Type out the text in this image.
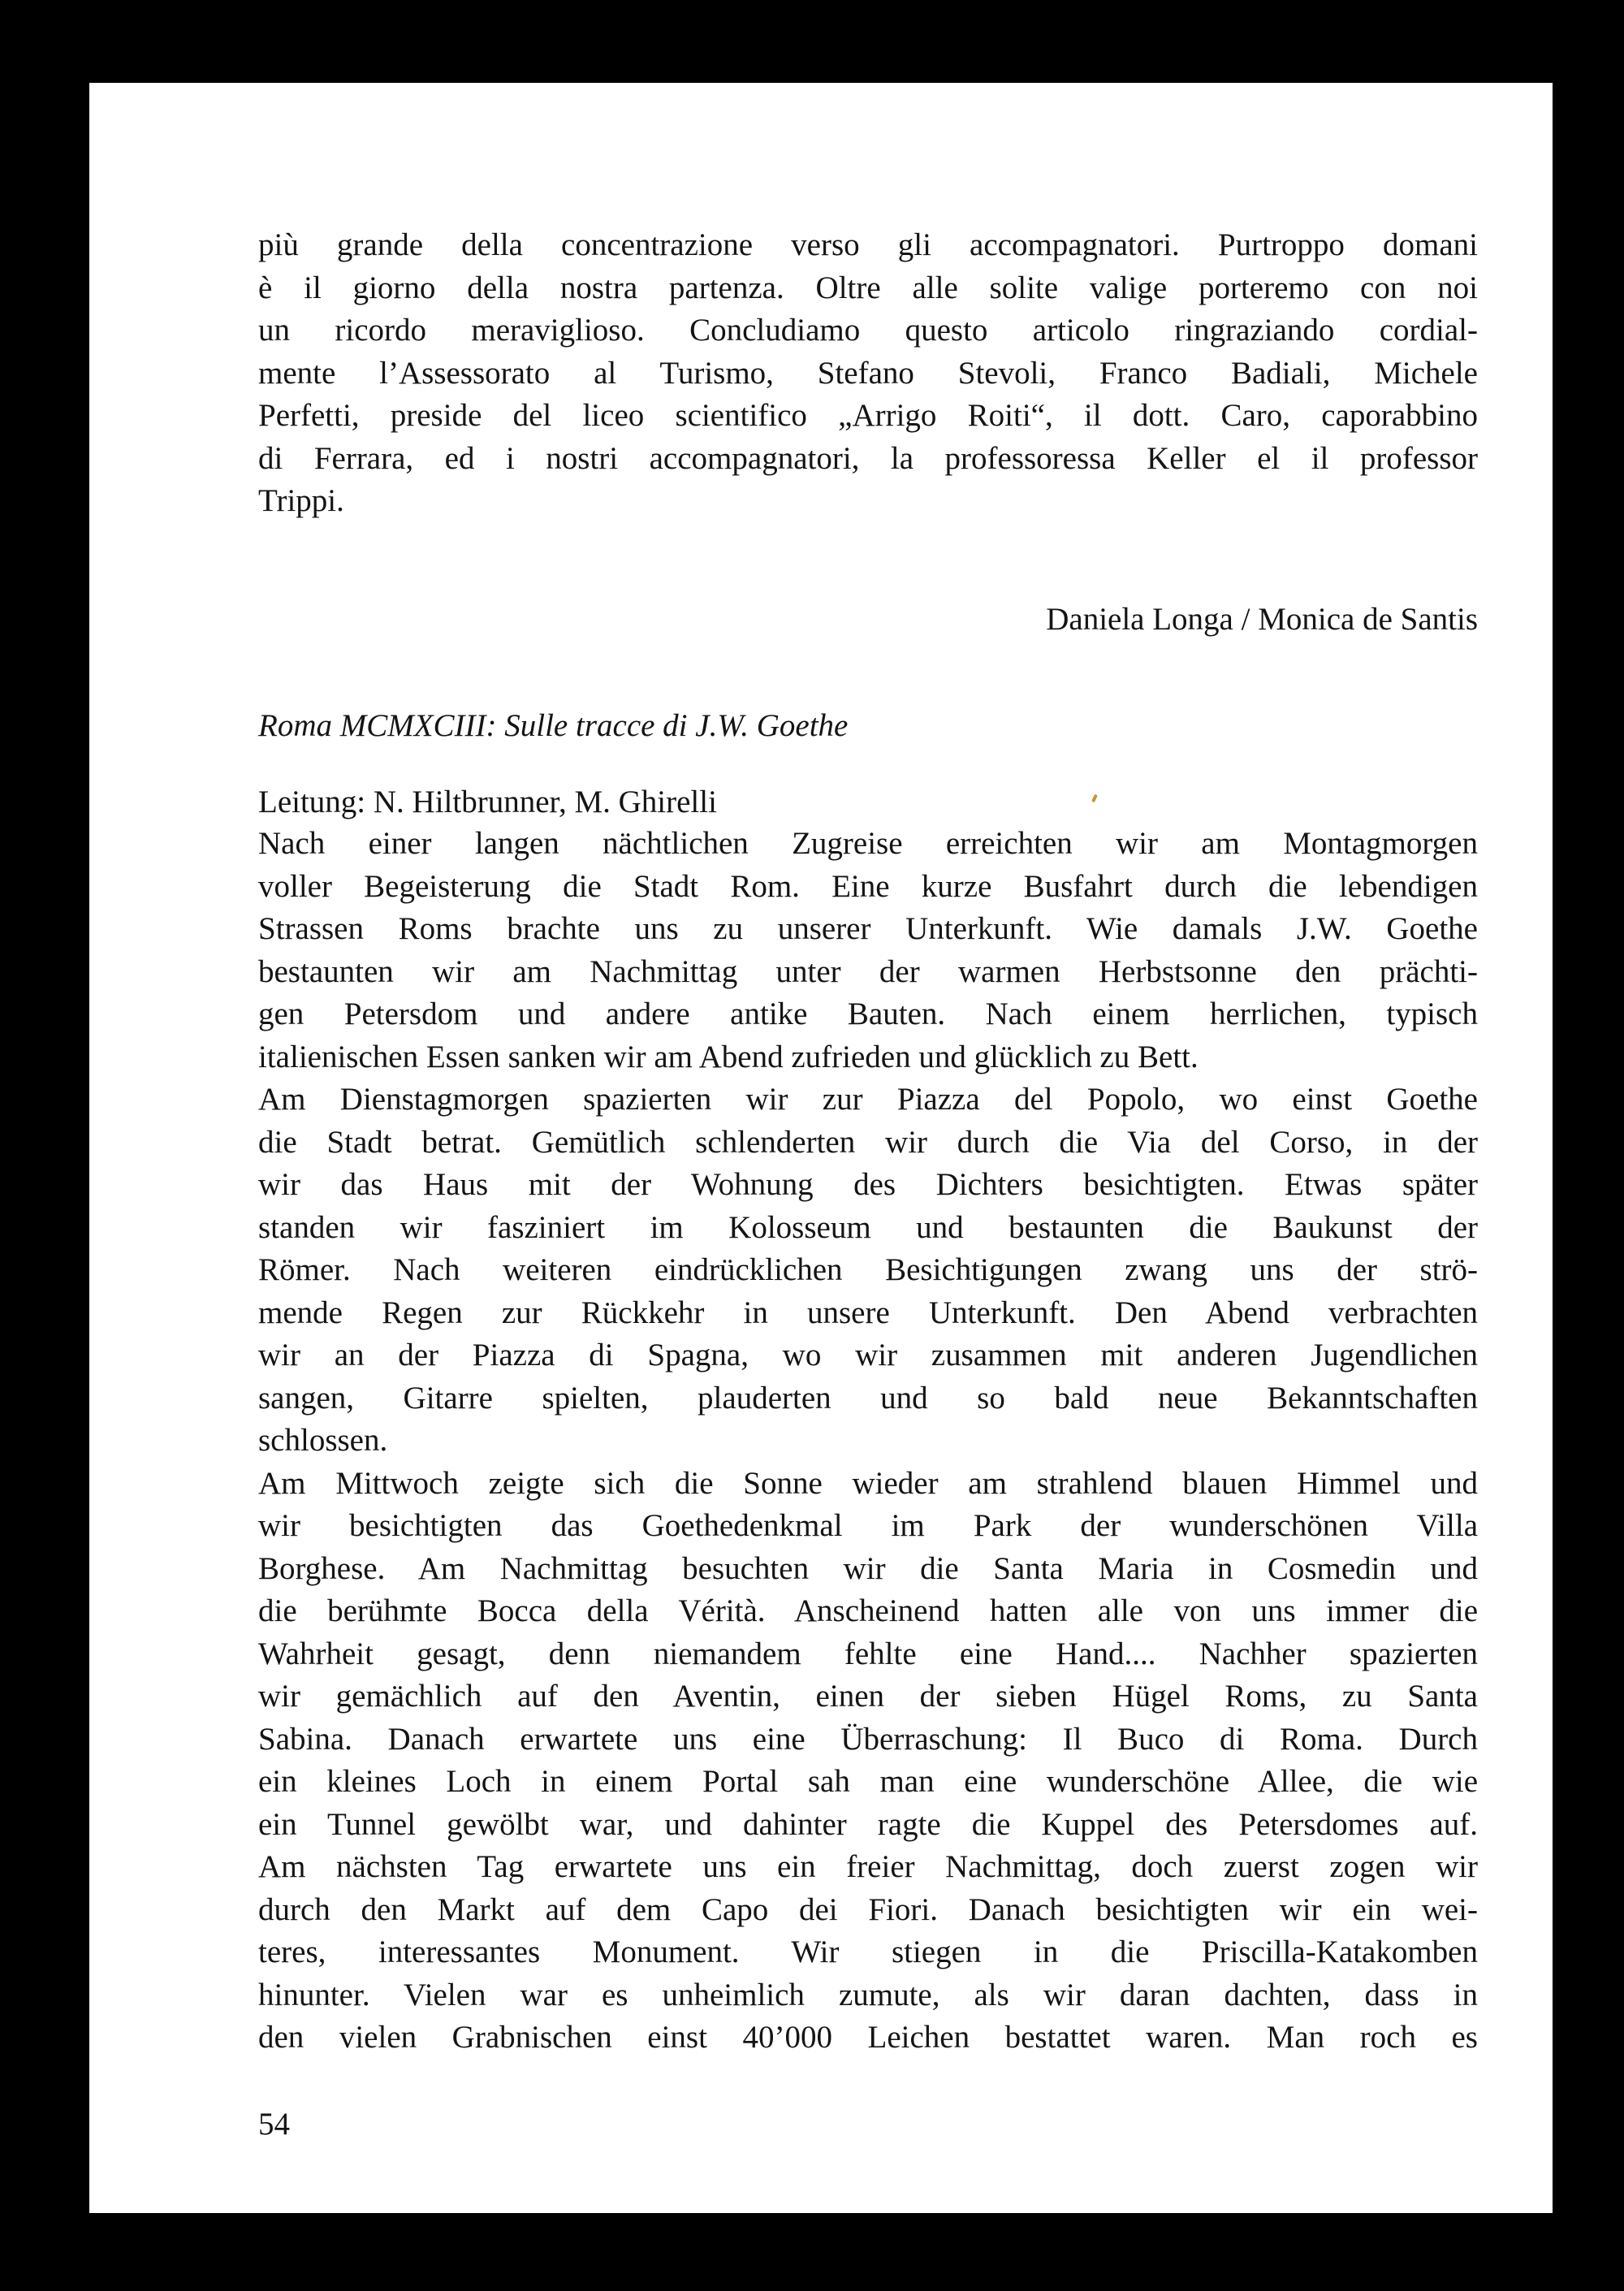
più grande della concentrazione verso gli accompagnatori. Purtroppo domani
è il giorno della nostra partenza. Oltre alle solite valige porteremo con noi
un ricordo meraviglioso. Concludiamo questo articolo ringraziando cordial-
mente l’Assessorato al Turismo, Stefano Stevoli, Franco Badiali, Michele
Perfetti, preside del liceo scientifico „Arrigo Roiti“, il dott. Caro, caporabbino
di Ferrara, ed i nostri accompagnatori, la professoressa Keller el il professor
Trippi.
Daniela Longa / Monica de Santis
Roma MCMXCIII: Sulle tracce di J.W. Goethe
Leitung: N. Hiltbrunner, M. Ghirelli
Nach einer langen nächtlichen Zugreise erreichten wir am Montagmorgen
voller Begeisterung die Stadt Rom. Eine kurze Busfahrt durch die lebendigen
Strassen Roms brachte uns zu unserer Unterkunft. Wie damals J.W. Goethe
bestaunten wir am Nachmittag unter der warmen Herbstsonne den prächti-
gen Petersdom und andere antike Bauten. Nach einem herrlichen, typisch
italienischen Essen sanken wir am Abend zufrieden und glücklich zu Bett.
Am Dienstagmorgen spazierten wir zur Piazza del Popolo, wo einst Goethe
die Stadt betrat. Gemütlich schlenderten wir durch die Via del Corso, in der
wir das Haus mit der Wohnung des Dichters besichtigten. Etwas später
standen wir fasziniert im Kolosseum und bestaunten die Baukunst der
Römer. Nach weiteren eindrücklichen Besichtigungen zwang uns der strö-
mende Regen zur Rückkehr in unsere Unterkunft. Den Abend verbrachten
wir an der Piazza di Spagna, wo wir zusammen mit anderen Jugendlichen
sangen, Gitarre spielten, plauderten und so bald neue Bekanntschaften
schlossen.
Am Mittwoch zeigte sich die Sonne wieder am strahlend blauen Himmel und
wir besichtigten das Goethedenkmal im Park der wunderschönen Villa
Borghese. Am Nachmittag besuchten wir die Santa Maria in Cosmedin und
die berühmte Bocca della Vérità. Anscheinend hatten alle von uns immer die
Wahrheit gesagt, denn niemandem fehlte eine Hand.... Nachher spazierten
wir gemächlich auf den Aventin, einen der sieben Hügel Roms, zu Santa
Sabina. Danach erwartete uns eine Überraschung: Il Buco di Roma. Durch
ein kleines Loch in einem Portal sah man eine wunderschöne Allee, die wie
ein Tunnel gewölbt war, und dahinter ragte die Kuppel des Petersdomes auf.
Am nächsten Tag erwartete uns ein freier Nachmittag, doch zuerst zogen wir
durch den Markt auf dem Capo dei Fiori. Danach besichtigten wir ein wei-
teres, interessantes Monument. Wir stiegen in die Priscilla-Katakomben
hinunter. Vielen war es unheimlich zumute, als wir daran dachten, dass in
den vielen Grabnischen einst 40’000 Leichen bestattet waren. Man roch es
54
